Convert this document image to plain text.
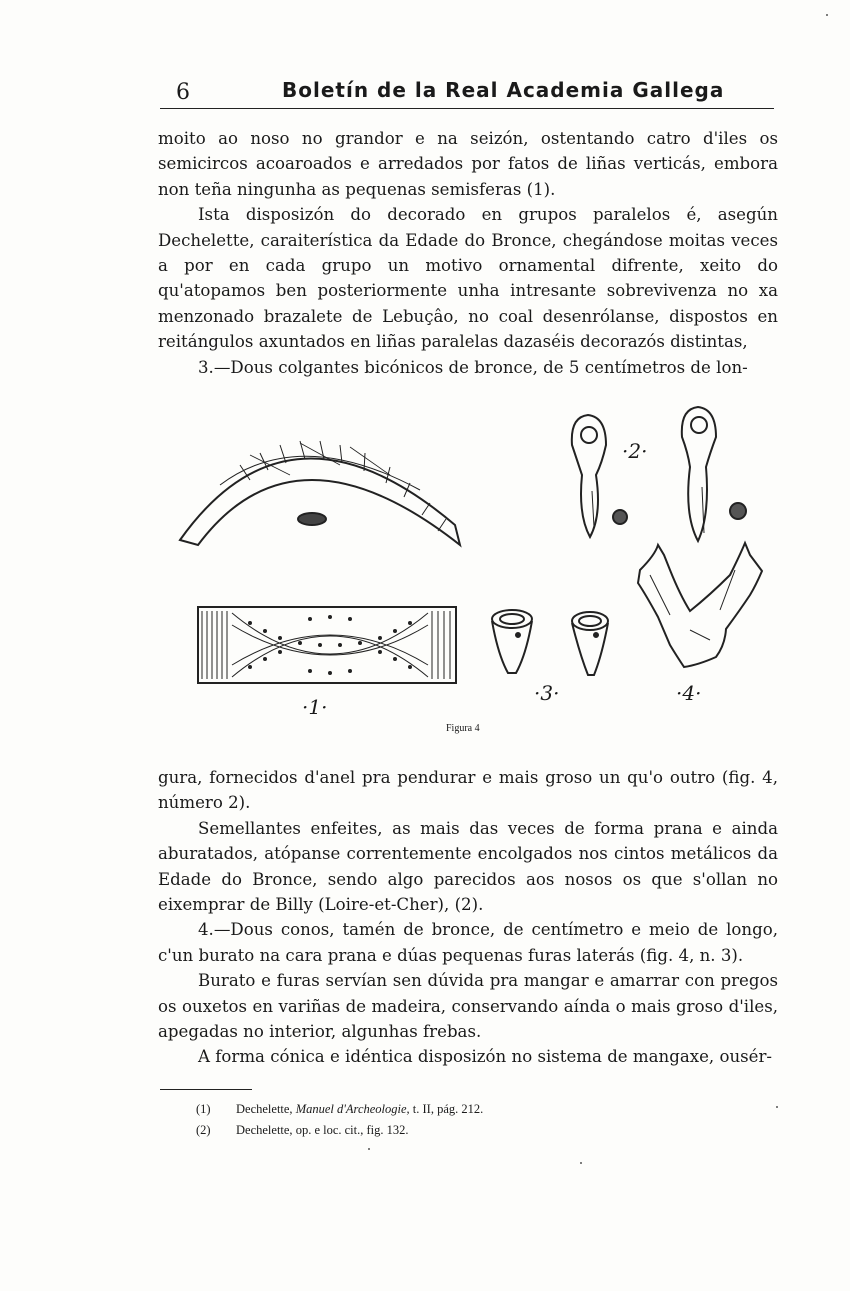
6	Boletín de la Real Academia Gallega

moito ao noso no grandor e na seizón, ostentando catro d'iles os semicircos acoaroados e arredados por fatos de liñas verticás, embora non teña ningunha as pequenas semisferas (1).

Ista disposizón do decorado en grupos paralelos é, asegún Dechelette, caraiterística da Edade do Bronce, chegándose moitas veces a por en cada grupo un motivo ornamental difrente, xeito do qu'atopamos ben posteriormente unha intresante sobrevivenza no xa menzonado brazalete de Lebuçâo, no coal desenrólanse, dispostos en reitángulos axuntados en liñas paralelas dazaséis decorazós distintas,

3.—Dous colgantes bicónicos de bronce, de 5 centímetros de lon-

·1·
·2·
·3·	·4·
Figura 4

gura, fornecidos d'anel pra pendurar e mais groso un qu'o outro (fig. 4, número 2).

Semellantes enfeites, as mais das veces de forma prana e ainda aburatados, atópanse correntemente encolgados nos cintos metálicos da Edade do Bronce, sendo algo parecidos aos nosos os que s'ollan no eixemprar de Billy (Loire-et-Cher), (2).

4.—Dous conos, tamén de bronce, de centímetro e meio de longo, c'un burato na cara prana e dúas pequenas furas laterás (fig. 4, n. 3).

Burato e furas servían sen dúvida pra mangar e amarrar con pregos os ouxetos en variñas de madeira, conservando aínda o mais groso d'iles, apegadas no interior, algunhas frebas.

A forma cónica e idéntica disposizón no sistema de mangaxe, ousér-

(1) Dechelette, Manuel d'Archeologie, t. II, pág. 212.
(2) Dechelette, op. e loc. cit., fig. 132.
